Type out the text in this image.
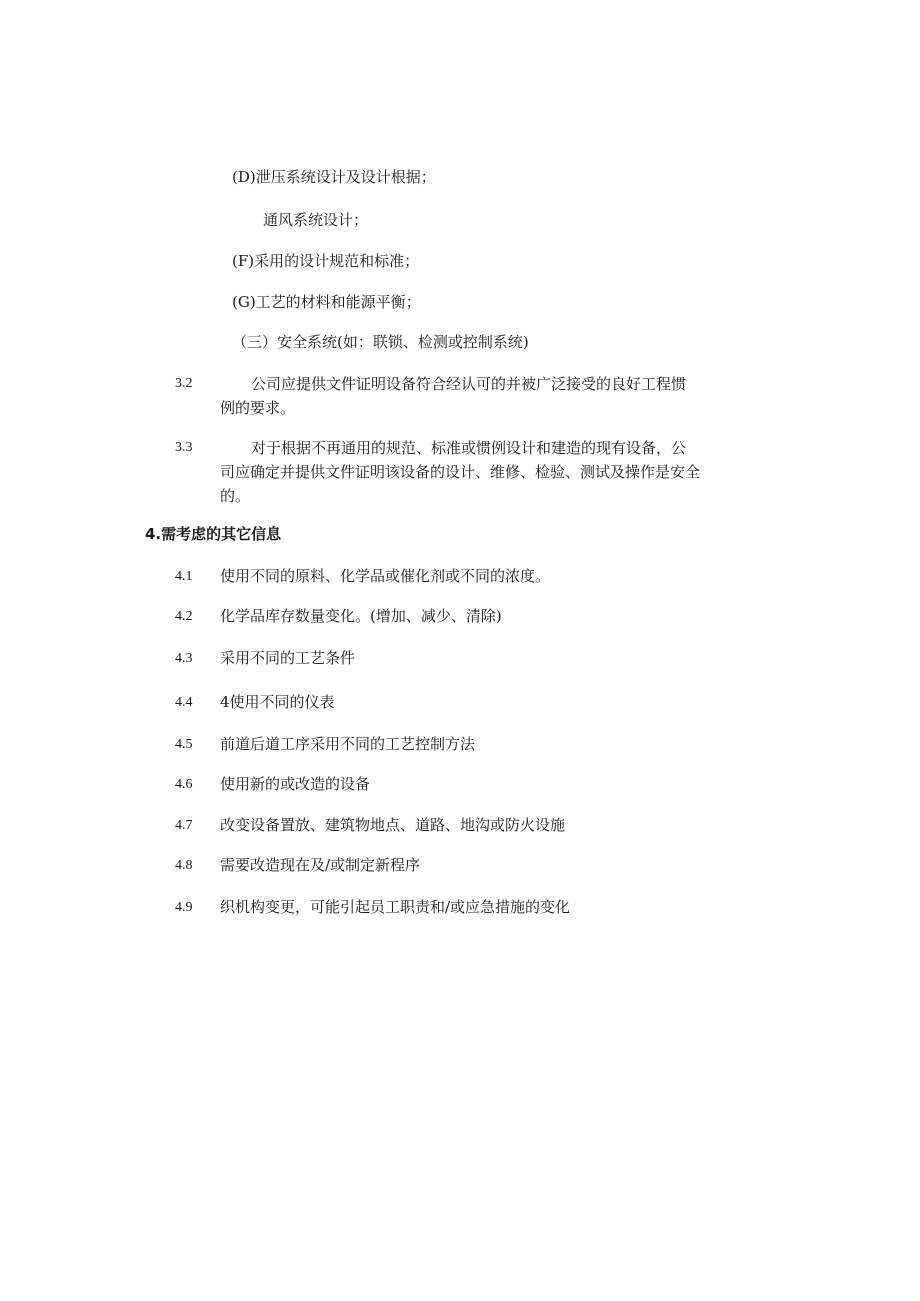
(D)泄压系统设计及设计根据；
通风系统设计；
(F)采用的设计规范和标准；
(G)工艺的材料和能源平衡；
（三）安全系统(如：联锁、检测或控制系统)
3.2	公司应提供文件证明设备符合经认可的并被广泛接受的良好工程惯
例的要求。
3.3	对于根据不再通用的规范、标准或惯例设计和建造的现有设备，公
司应确定并提供文件证明该设备的设计、维修、检验、测试及操作是安全
的。
4.需考虑的其它信息
4.1 使用不同的原料、化学品或催化剂或不同的浓度。
4.2 化学品库存数量变化。(增加、减少、清除)
4.3 采用不同的工艺条件
4.4 4使用不同的仪表
4.5 前道后道工序采用不同的工艺控制方法
4.6 使用新的或改造的设备
4.7 改变设备置放、建筑物地点、道路、地沟或防火设施
4.8 需要改造现在及/或制定新程序
4.9 织机构变更，可能引起员工职责和/或应急措施的变化
